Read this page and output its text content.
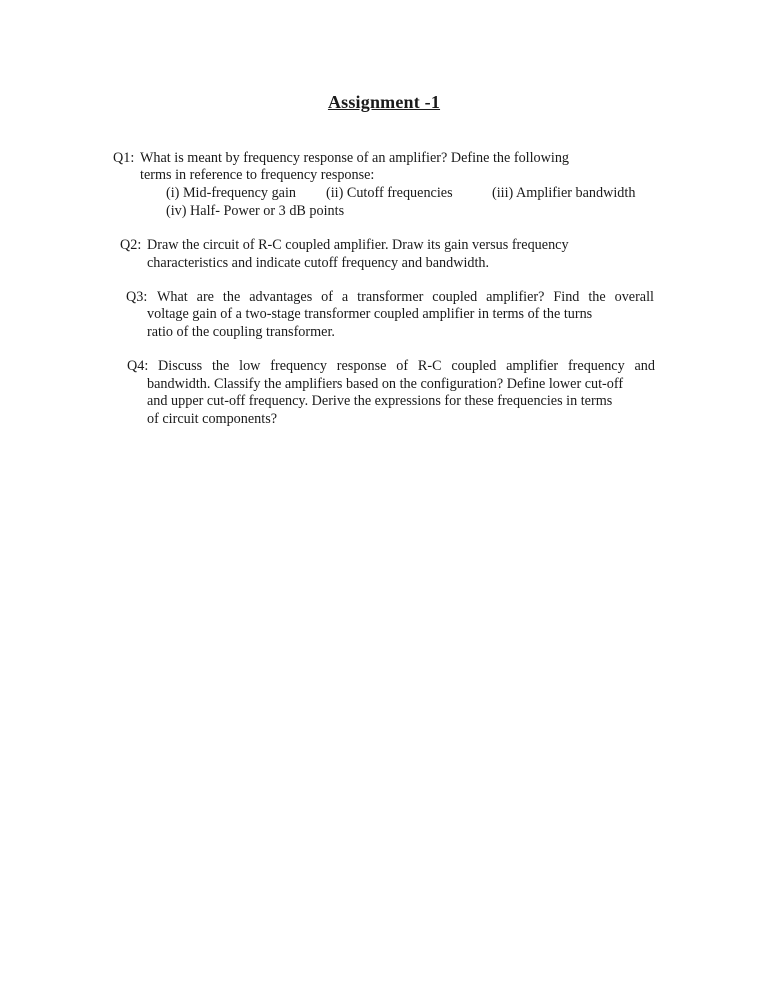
Assignment -1
Q1: What is meant by frequency response of an amplifier? Define the following
terms in reference to frequency response:
(i) Mid-frequency gain (ii) Cutoff frequencies	(iii) Amplifier bandwidth
(iv) Half- Power or 3 dB points
Q2: Draw the circuit of R-C coupled amplifier. Draw its gain versus frequency
characteristics and indicate cutoff frequency and bandwidth.
Q3: What are the advantages of a transformer coupled amplifier? Find the overall
voltage gain of a two-stage transformer coupled amplifier in terms of the turns
ratio of the coupling transformer.
Q4: Discuss the low frequency response of R-C coupled amplifier frequency and
bandwidth. Classify the amplifiers based on the configuration? Define lower cut-off
and upper cut-off frequency. Derive the expressions for these frequencies in terms
of circuit components?
